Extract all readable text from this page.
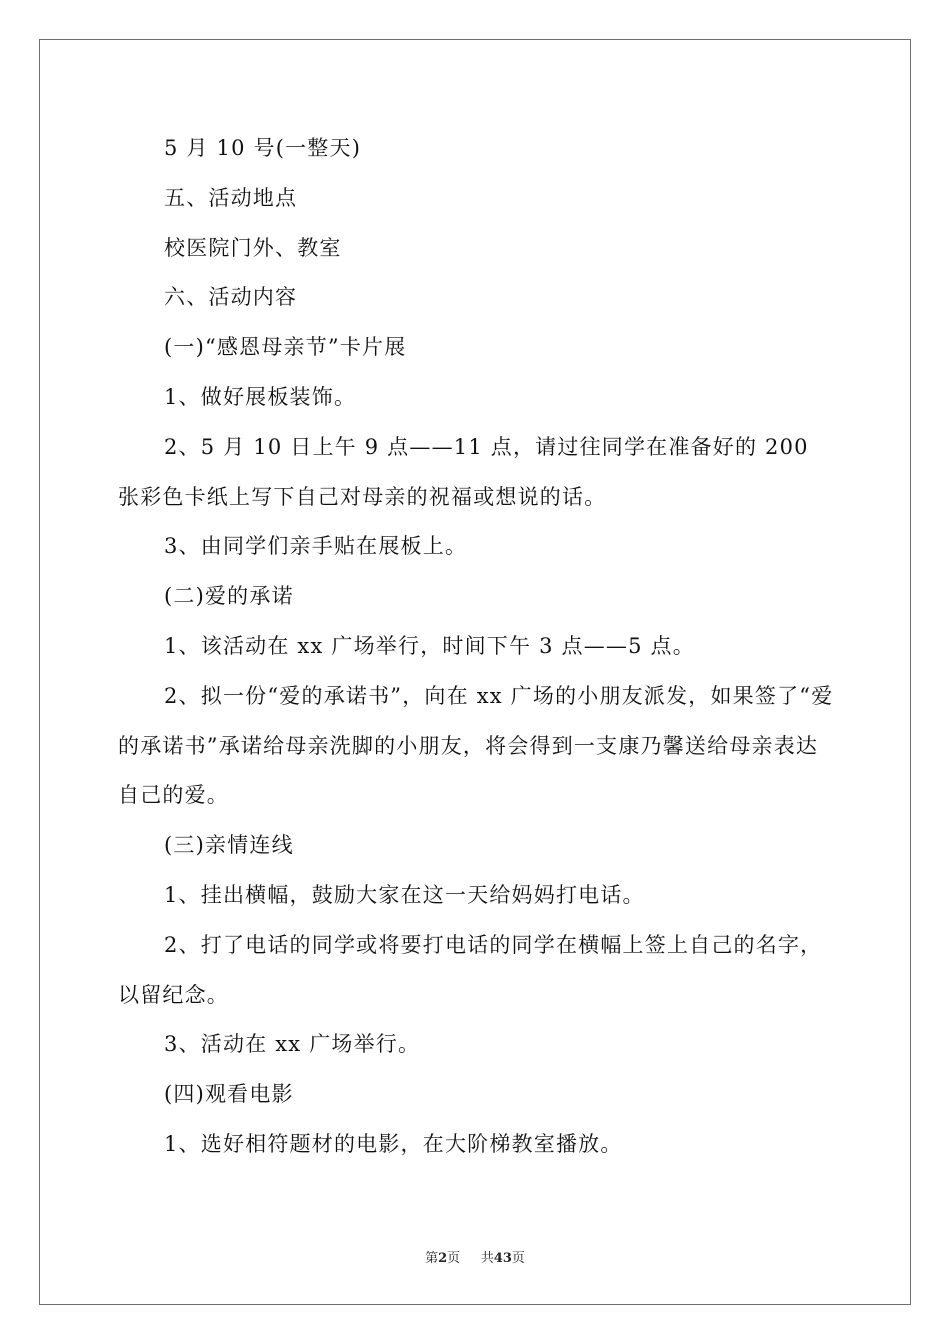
5 月 10 号(一整天)

五、活动地点

校医院门外、教室

六、活动内容

(一)“感恩母亲节”卡片展

1、做好展板装饰。

2、5 月 10 日上午 9 点——11 点，请过往同学在准备好的 200 张彩色卡纸上写下自己对母亲的祝福或想说的话。

3、由同学们亲手贴在展板上。

(二)爱的承诺

1、该活动在 xx 广场举行，时间下午 3 点——5 点。

2、拟一份“爱的承诺书”，向在 xx 广场的小朋友派发，如果签了“爱的承诺书”承诺给母亲洗脚的小朋友，将会得到一支康乃馨送给母亲表达自己的爱。

(三)亲情连线

1、挂出横幅，鼓励大家在这一天给妈妈打电话。

2、打了电话的同学或将要打电话的同学在横幅上签上自己的名字，以留纪念。

3、活动在 xx 广场举行。

(四)观看电影

1、选好相符题材的电影，在大阶梯教室播放。

第2页 共43页
